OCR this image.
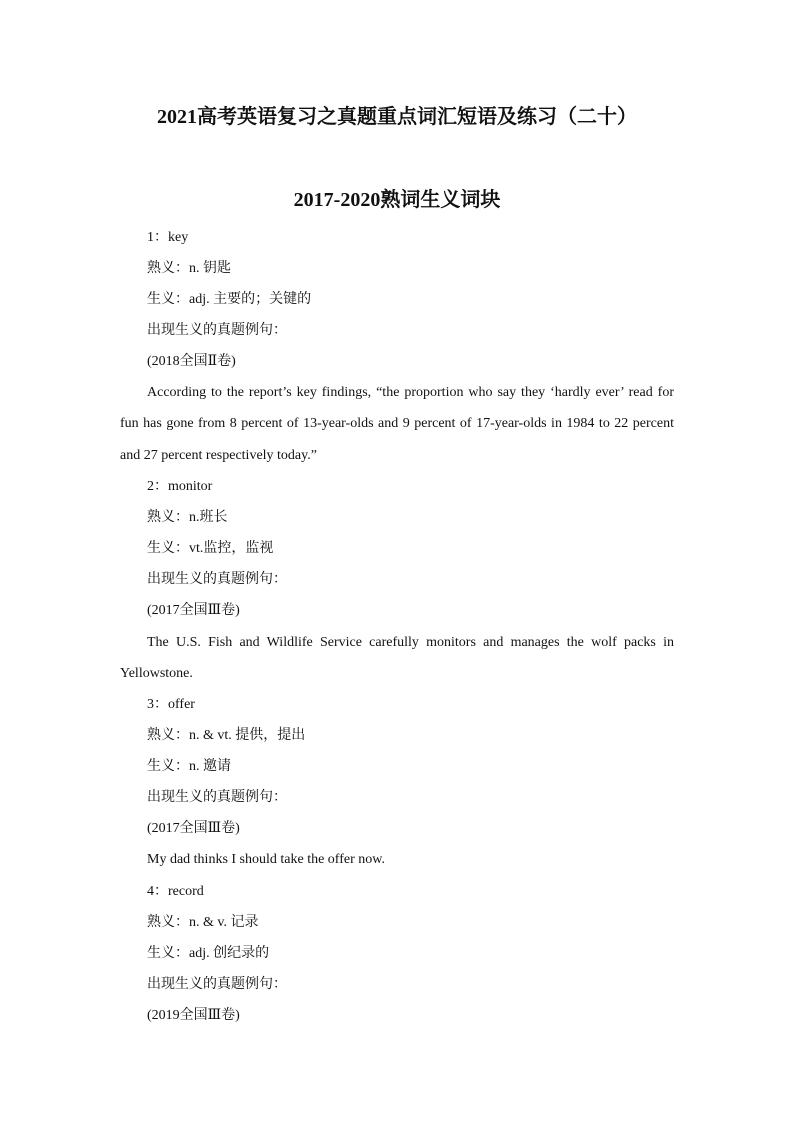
2021高考英语复习之真题重点词汇短语及练习（二十）
2017-2020熟词生义词块
1：key
熟义：n. 钥匙
生义：adj. 主要的；关键的
出现生义的真题例句：
(2018全国Ⅱ卷)
According to the report’s key findings, “the proportion who say they ‘hardly ever’ read for fun has gone from 8 percent of 13-year-olds and 9 percent of 17-year-olds in 1984 to 22 percent and 27 percent respectively today.”
2：monitor
熟义：n.班长
生义：vt.监控，监视
出现生义的真题例句：
(2017全国Ⅲ卷)
The U.S. Fish and Wildlife Service carefully monitors and manages the wolf packs in Yellowstone.
3：offer
熟义：n. & vt. 提供，提出
生义：n. 邀请
出现生义的真题例句：
(2017全国Ⅲ卷)
My dad thinks I should take the offer now.
4：record
熟义：n. & v. 记录
生义：adj. 创纪录的
出现生义的真题例句：
(2019全国Ⅲ卷)
